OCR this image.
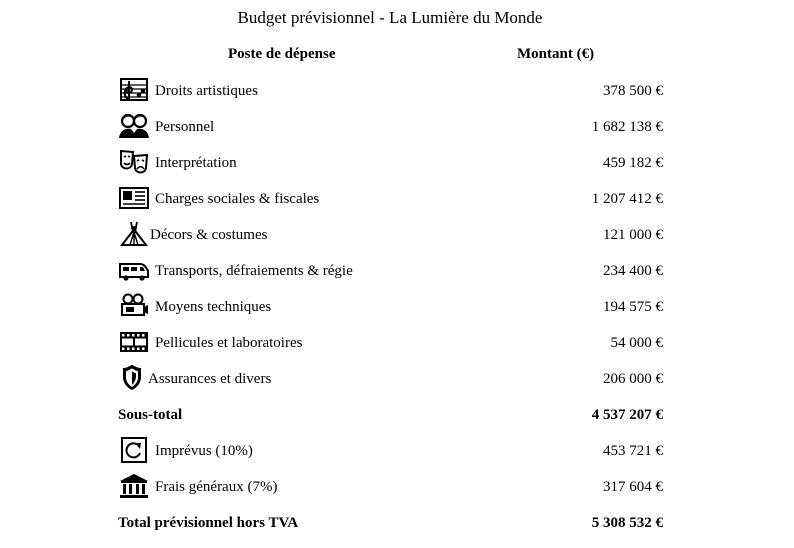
Budget prévisionnel - La Lumière du Monde
Poste de dépense	Montant (€)
Droits artistiques	378 500 €
Personnel	1 682 138 €
Interprétation	459 182 €
Charges sociales & fiscales	1 207 412 €
Décors & costumes	121 000 €
Transports, défraiements & régie	234 400 €
Moyens techniques	194 575 €
Pellicules et laboratoires	54 000 €
Assurances et divers	206 000 €
Sous-total	4 537 207 €
Imprévus (10%)	453 721 €
Frais généraux (7%)	317 604 €
Total prévisionnel hors TVA	5 308 532 €
